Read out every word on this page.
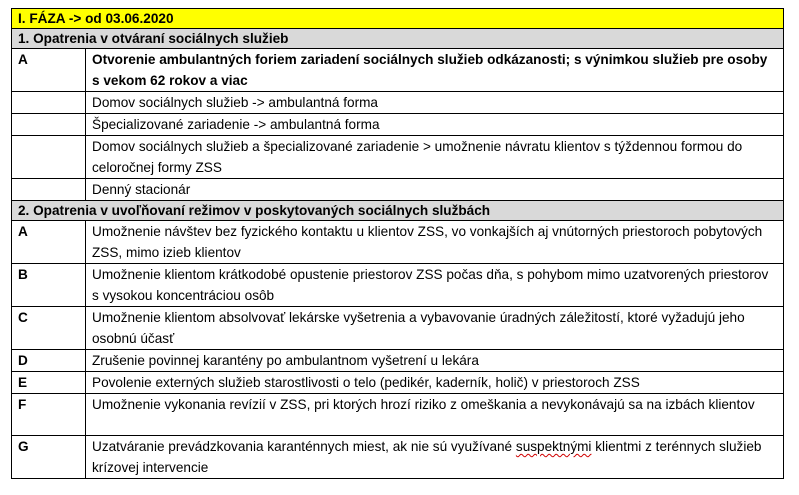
I. FÁZA -> od 03.06.2020	
1. Opatrenia v otváraní sociálnych služieb	
A	Otvorenie ambulantných foriem zariadení sociálnych služieb odkázanosti; s výnimkou služieb pre osoby s vekom 62 rokov a viac
	Domov sociálnych služieb -> ambulantná forma
	Špecializované zariadenie -> ambulantná forma
	Domov sociálnych služieb a špecializované zariadenie > umožnenie návratu klientov s týždennou formou do celoročnej formy ZSS
	Denný stacionár
2. Opatrenia v uvoľňovaní režimov v poskytovaných sociálnych službách	
A	Umožnenie návštev bez fyzického kontaktu u klientov ZSS, vo vonkajších aj vnútorných priestoroch pobytových ZSS, mimo izieb klientov
B	Umožnenie klientom krátkodobé opustenie priestorov ZSS počas dňa, s pohybom mimo uzatvorených priestorov s vysokou koncentráciou osôb
C	Umožnenie klientom absolvovať lekárske vyšetrenia a vybavovanie úradných záležitostí, ktoré vyžadujú jeho osobnú účasť
D	Zrušenie povinnej karantény po ambulantnom vyšetrení u lekára
E	Povolenie externých služieb starostlivosti o telo (pedikér, kaderník, holič) v priestoroch ZSS
F	Umožnenie vykonania revízií v ZSS, pri ktorých hrozí riziko z omeškania a nevykonávajú sa na izbách klientov
G	Uzatváranie prevádzkovania karanténnych miest, ak nie sú využívané suspektnými klientmi z terénnych služieb krízovej intervencie
